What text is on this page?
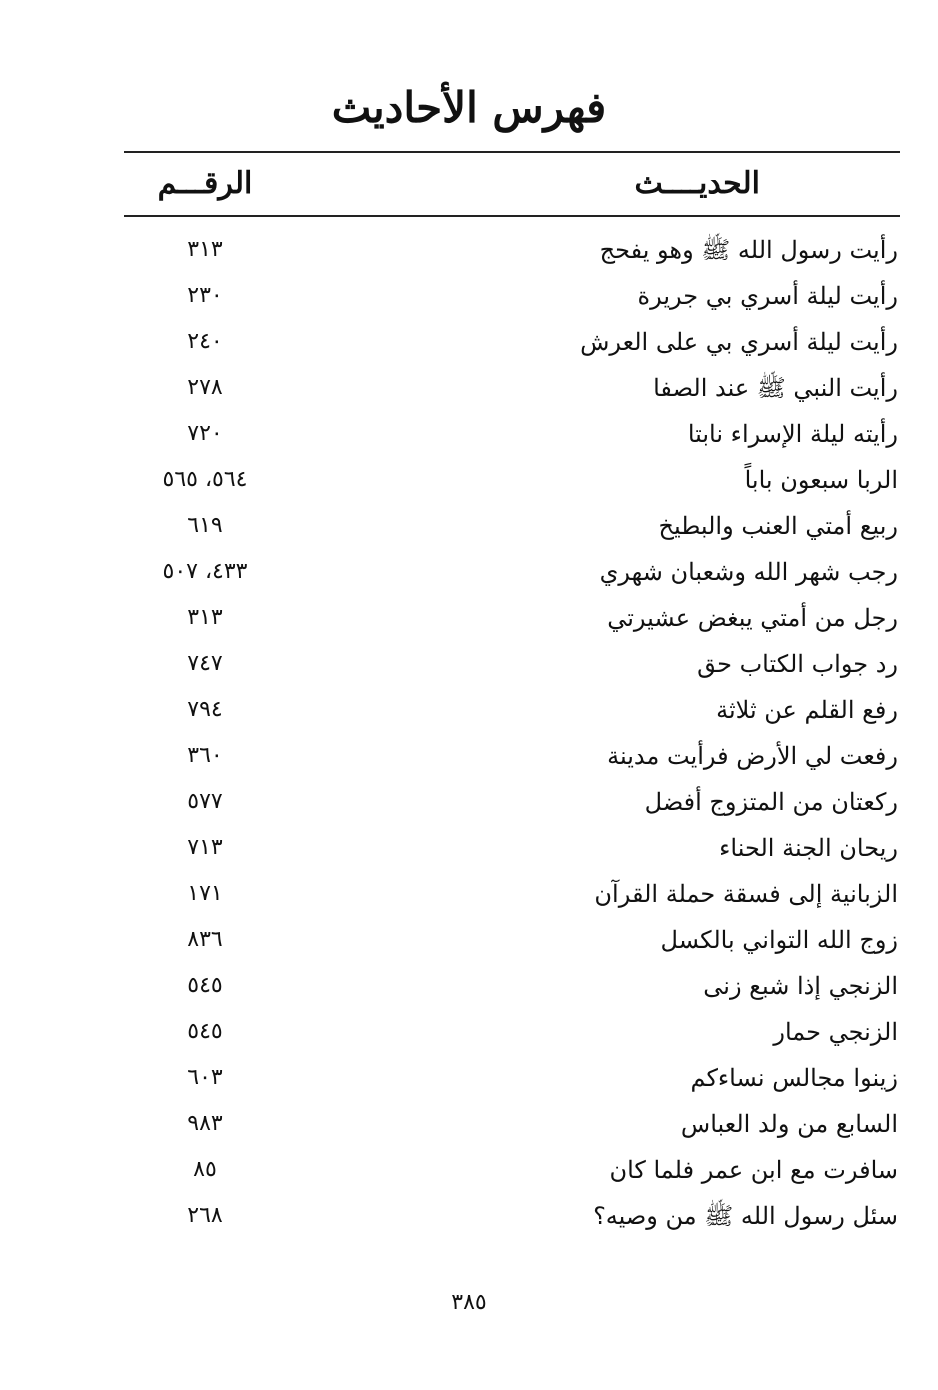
فهرس الأحاديث
الحديــــث
الرقـــم
رأيت رسول الله ﷺ وهو يفحج
٣١٣
رأيت ليلة أسري بي جريرة
٢٣٠
رأيت ليلة أسري بي على العرش
٢٤٠
رأيت النبي ﷺ عند الصفا
٢٧٨
رأيته ليلة الإسراء نابتا
٧٢٠
الربا سبعون باباً
٥٦٤، ٥٦٥
ربيع أمتي العنب والبطيخ
٦١٩
رجب شهر الله وشعبان شهري
٤٣٣، ٥٠٧
رجل من أمتي يبغض عشيرتي
٣١٣
رد جواب الكتاب حق
٧٤٧
رفع القلم عن ثلاثة
٧٩٤
رفعت لي الأرض فرأيت مدينة
٣٦٠
ركعتان من المتزوج أفضل
٥٧٧
ريحان الجنة الحناء
٧١٣
الزبانية إلى فسقة حملة القرآن
١٧١
زوج الله التواني بالكسل
٨٣٦
الزنجي إذا شبع زنى
٥٤٥
الزنجي حمار
٥٤٥
زينوا مجالس نساءكم
٦٠٣
السابع من ولد العباس
٩٨٣
سافرت مع ابن عمر فلما كان
٨٥
سئل رسول الله ﷺ من وصيه؟
٢٦٨
٣٨٥
